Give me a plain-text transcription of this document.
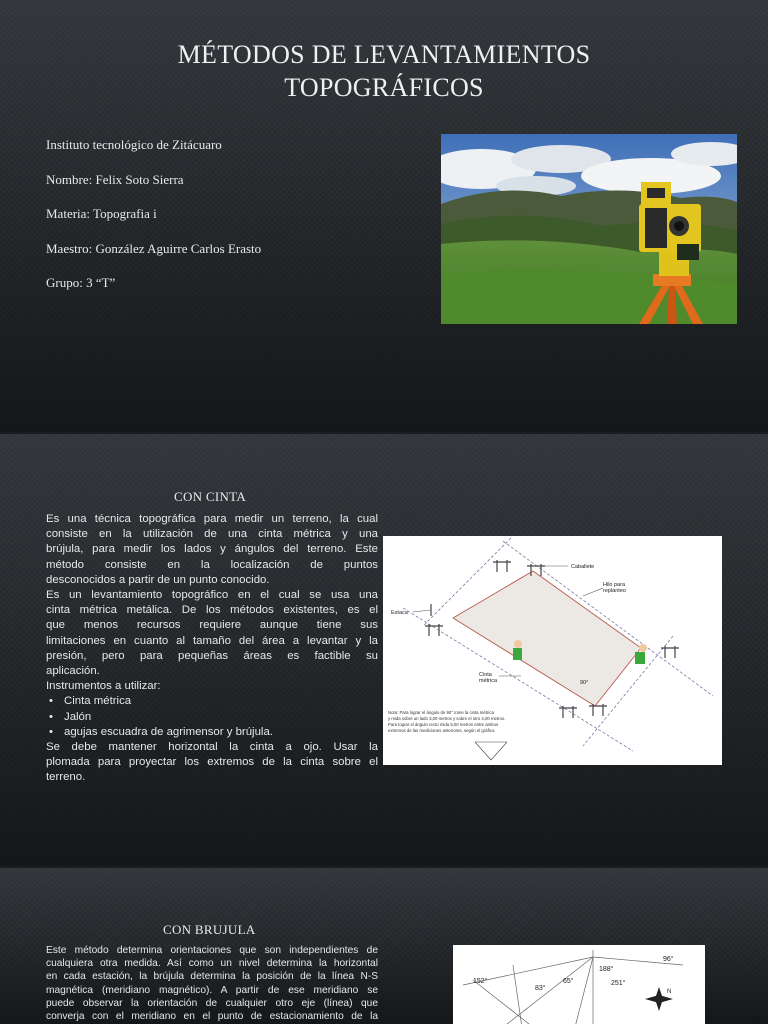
MÉTODOS DE LEVANTAMIENTOS
TOPOGRÁFICOS
Instituto tecnológico de Zitácuaro
Nombre: Felix Soto Sierra
Materia: Topografia i
Maestro: González Aguirre Carlos Erasto
Grupo: 3 “T”
CON CINTA
Es una técnica topográfica para medir un terreno, la cual
consiste en la utilización de una cinta métrica y una
brújula, para medir los lados y ángulos del terreno. Este
método consiste en la localización de puntos
desconocidos a partir de un punto conocido.
Es un levantamiento topográfico en el cual se usa una
cinta métrica metálica. De los métodos existentes, es el
que menos recursos requiere aunque tiene sus
limitaciones en cuanto al tamaño del área a levantar y la
presión, pero para pequeñas áreas es factible su
aplicación.
Instrumentos a utilizar:
• Cinta métrica
• Jalón
• agujas escuadra de agrimensor y brújula.
Se debe mantener horizontal la cinta a ojo. Usar la
plomada para proyectar los extremos de la cinta sobre el
terreno.
Caballete
Hilo para
replanteo
Estaca
Cinta
métrica	90°
Nota: Para lograr el ángulo de 90° tome la cinta métrica
y mida sobre un lado 3,00 metros y sobre el otro 4,00 metros.
Para lograr el ángulo recto mida 5,00 metros entre ambos
extremos de las mediciones anteriores, según el gráfico.
CON BRUJULA
Este método determina orientaciones que son independientes de
cualquiera otra medida. Así como un nivel determina la horizontal
en cada estación, la brújula determina la posición de la línea N-S
magnética (meridiano magnético). A partir de ese meridiano se
puede observar la orientación de cualquier otro eje (línea) que
converja con el meridiano en el punto de estacionamiento de la
152°
83°
65°
188°
251°
96°
N
